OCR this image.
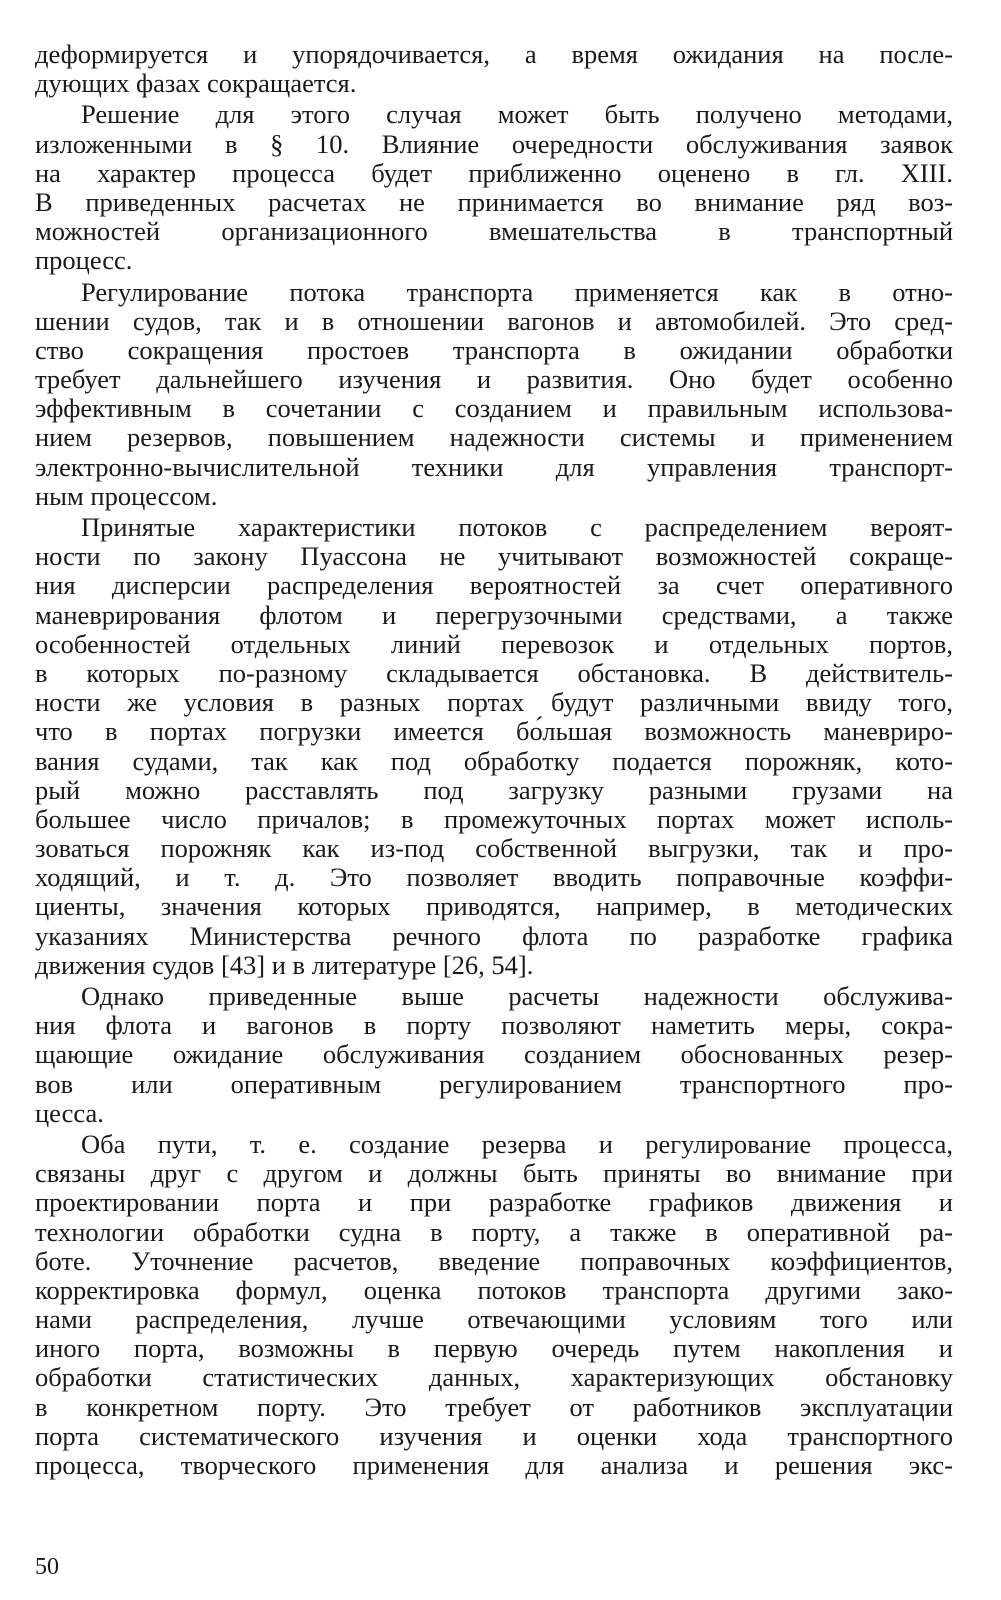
деформируется и упорядочивается, а время ожидания на после-
дующих фазах сокращается.
Решение для этого случая может быть получено методами,
изложенными в § 10. Влияние очередности обслуживания заявок
на характер процесса будет приближенно оценено в гл. XIII.
В приведенных расчетах не принимается во внимание ряд воз-
можностей организационного вмешательства в транспортный
процесс.
Регулирование потока транспорта применяется как в отно-
шении судов, так и в отношении вагонов и автомобилей. Это сред-
ство сокращения простоев транспорта в ожидании обработки
требует дальнейшего изучения и развития. Оно будет особенно
эффективным в сочетании с созданием и правильным использова-
нием резервов, повышением надежности системы и применением
электронно-вычислительной техники для управления транспорт-
ным процессом.
Принятые характеристики потоков с распределением вероят-
ности по закону Пуассона не учитывают возможностей сокраще-
ния дисперсии распределения вероятностей за счет оперативного
маневрирования флотом и перегрузочными средствами, а также
особенностей отдельных линий перевозок и отдельных портов,
в которых по-разному складывается обстановка. В действитель-
ности же условия в разных портах будут различными ввиду того,
что в портах погрузки имеется бо́льшая возможность маневриро-
вания судами, так как под обработку подается порожняк, кото-
рый можно расставлять под загрузку разными грузами на
большее число причалов; в промежуточных портах может исполь-
зоваться порожняк как из-под собственной выгрузки, так и про-
ходящий, и т. д. Это позволяет вводить поправочные коэффи-
циенты, значения которых приводятся, например, в методических
указаниях Министерства речного флота по разработке графика
движения судов [43] и в литературе [26, 54].
Однако приведенные выше расчеты надежности обслужива-
ния флота и вагонов в порту позволяют наметить меры, сокра-
щающие ожидание обслуживания созданием обоснованных резер-
вов или оперативным регулированием транспортного про-
цесса.
Оба пути, т. е. создание резерва и регулирование процесса,
связаны друг с другом и должны быть приняты во внимание при
проектировании порта и при разработке графиков движения и
технологии обработки судна в порту, а также в оперативной ра-
боте. Уточнение расчетов, введение поправочных коэффициентов,
корректировка формул, оценка потоков транспорта другими зако-
нами распределения, лучше отвечающими условиям того или
иного порта, возможны в первую очередь путем накопления и
обработки статистических данных, характеризующих обстановку
в конкретном порту. Это требует от работников эксплуатации
порта систематического изучения и оценки хода транспортного
процесса, творческого применения для анализа и решения экс-
50
